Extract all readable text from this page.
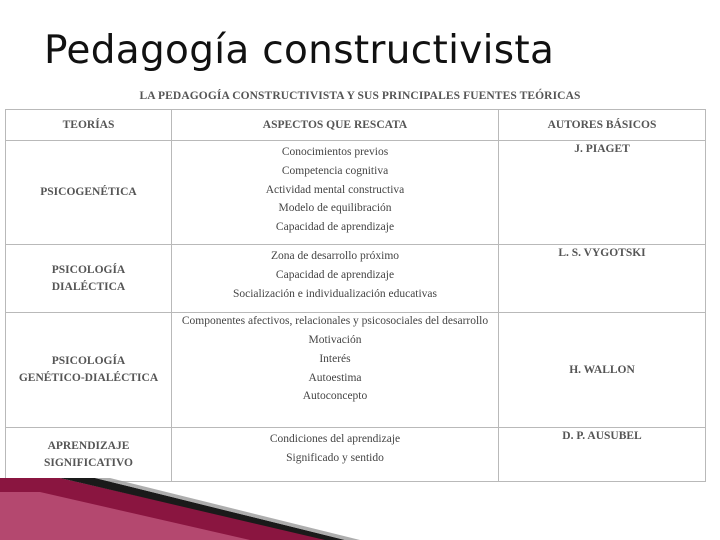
Pedagogía constructivista
LA PEDAGOGÍA CONSTRUCTIVISTA Y SUS PRINCIPALES FUENTES TEÓRICAS
TEORÍAS	ASPECTOS QUE RESCATA	AUTORES BÁSICOS

PSICOGENÉTICA	Conocimientos previos
Competencia cognitiva
Actividad mental constructiva
Modelo de equilibración
Capacidad de aprendizaje	J. PIAGET

PSICOLOGÍA
DIALÉCTICA	Zona de desarrollo próximo
Capacidad de aprendizaje
Socialización e individualización educativas	L. S. VYGOTSKI

PSICOLOGÍA
GENÉTICO-DIALÉCTICA	Componentes afectivos, relacionales y psicosociales del desarrollo
Motivación
Interés
Autoestima
Autoconcepto	H. WALLON

APRENDIZAJE
SIGNIFICATIVO	Condiciones del aprendizaje
Significado y sentido	D. P. AUSUBEL
